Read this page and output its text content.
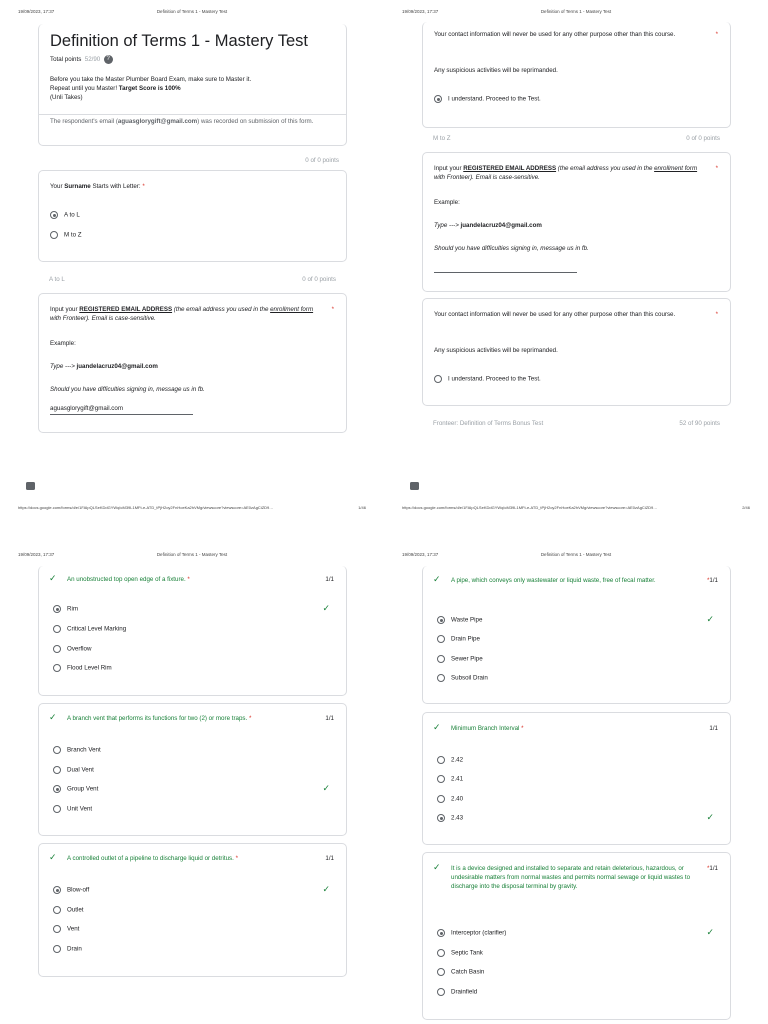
19/09/2023, 17:37	Definition of Terms 1 - Mastery Test
Definition of Terms 1 - Mastery Test
Total points 52/90 ?
Before you take the Master Plumber Board Exam, make sure to Master it.
Repeat until you Master! Target Score is 100%
(Unli Takes)
The respondent's email (aguasglorygift@gmail.com) was recorded on submission of this form.
0 of 0 points
Your Surname Starts with Letter: *
A to L
M to Z
A to L	0 of 0 points
Input your REGISTERED EMAIL ADDRESS (the email address you used in the enrollment form with Fronteer). Email is case-sensitive.
*
Example:
Type ---> juandelacruz04@gmail.com
Should you have difficulties signing in, message us in fb.
aguasglorygift@gmail.com
https://docs.google.com/forms/d/e/1FAIpQLSeKDdGYWqIcM39L1MFt-e-ATD_tPjH2oy2FnHoeKa2hVMg/viewscore?viewscore=AE0zAgCiZD9…	1/46
19/09/2023, 17:37	Definition of Terms 1 - Mastery Test
Your contact information will never be used for any other purpose other than this course.	*
Any suspicious activities will be reprimanded.
I understand. Proceed to the Test.
M to Z	0 of 0 points
Input your REGISTERED EMAIL ADDRESS (the email address you used in the enrollment form with Fronteer). Email is case-sensitive.
*
Example:
Type ---> juandelacruz04@gmail.com
Should you have difficulties signing in, message us in fb.
Your contact information will never be used for any other purpose other than this course.	*
Any suspicious activities will be reprimanded.
I understand. Proceed to the Test.
Fronteer: Definition of Terms Bonus Test	52 of 90 points
https://docs.google.com/forms/d/e/1FAIpQLSeKDdGYWqIcM39L1MFt-e-ATD_tPjH2oy2FnHoeKa2hVMg/viewscore?viewscore=AE0zAgCiZD9…	2/46
19/09/2023, 17:37	Definition of Terms 1 - Mastery Test
✓ An unobstructed top open edge of a fixture. *	1/1
Rim	✓
Critical Level Marking
Overflow
Flood Level Rim
✓ A branch vent that performs its functions for two (2) or more traps. *	1/1
Branch Vent
Dual Vent
Group Vent	✓
Unit Vent
✓ A controlled outlet of a pipeline to discharge liquid or detritus. *	1/1
Blow-off	✓
Outlet
Vent
Drain
19/09/2023, 17:37	Definition of Terms 1 - Mastery Test
✓ A pipe, which conveys only wastewater or liquid waste, free of fecal matter.	*1/1
Waste Pipe	✓
Drain Pipe
Sewer Pipe
Subsoil Drain
✓ Minimum Branch Interval *	1/1
2.42
2.41
2.40
2.43	✓
✓ It is a device designed and installed to separate and retain deleterious, hazardous, or undesirable matters from normal wastes and permits normal sewage or liquid wastes to discharge into the disposal terminal by gravity.
*1/1
Interceptor (clarifier)	✓
Septic Tank
Catch Basin
Drainfield
